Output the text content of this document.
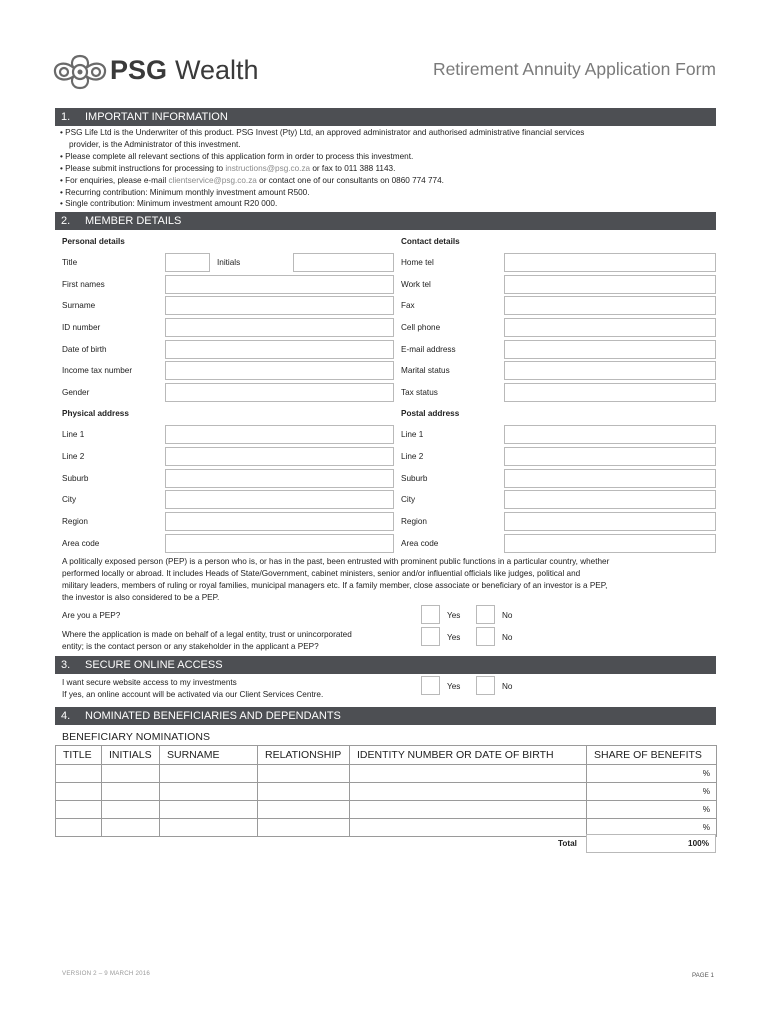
PSG Wealth	Retirement Annuity Application Form
1. IMPORTANT INFORMATION
• PSG Life Ltd is the Underwriter of this product. PSG Invest (Pty) Ltd, an approved administrator and authorised administrative financial services
provider, is the Administrator of this investment.
• Please complete all relevant sections of this application form in order to process this investment.
• Please submit instructions for processing to instructions@psg.co.za or fax to 011 388 1143.
• For enquiries, please e-mail clientservice@psg.co.za or contact one of our consultants on 0860 774 774.
• Recurring contribution: Minimum monthly investment amount R500.
• Single contribution: Minimum investment amount R20 000.
2. MEMBER DETAILS
Personal details	Contact details
Title	Initials	Home tel
First names	Work tel
Surname	Fax
ID number	Cell phone
Date of birth	E-mail address
Income tax number	Marital status
Gender	Tax status
Physical address	Postal address
Line 1	Line 1
Line 2	Line 2
Suburb	Suburb
City	City
Region	Region
Area code	Area code
A politically exposed person (PEP) is a person who is, or has in the past, been entrusted with prominent public functions in a particular country, whether
performed locally or abroad. It includes Heads of State/Government, cabinet ministers, senior and/or influential officials like judges, political and
military leaders, members of ruling or royal families, municipal managers etc. If a family member, close associate or beneficiary of an investor is a PEP,
the investor is also considered to be a PEP.
Are you a PEP?	Yes	No
Where the application is made on behalf of a legal entity, trust or unincorporated
entity; is the contact person or any stakeholder in the applicant a PEP?
Yes	No
3. SECURE ONLINE ACCESS
I want secure website access to my investments
If yes, an online account will be activated via our Client Services Centre.
Yes	No
4. NOMINATED BENEFICIARIES AND DEPENDANTS
BENEFICIARY NOMINATIONS
TITLE	INITIALS	SURNAME	RELATIONSHIP	IDENTITY NUMBER OR DATE OF BIRTH	SHARE OF BENEFITS
					%
					%
					%
					%
Total	100%
VERSION 2 – 9 MARCH 2016	PAGE 1
